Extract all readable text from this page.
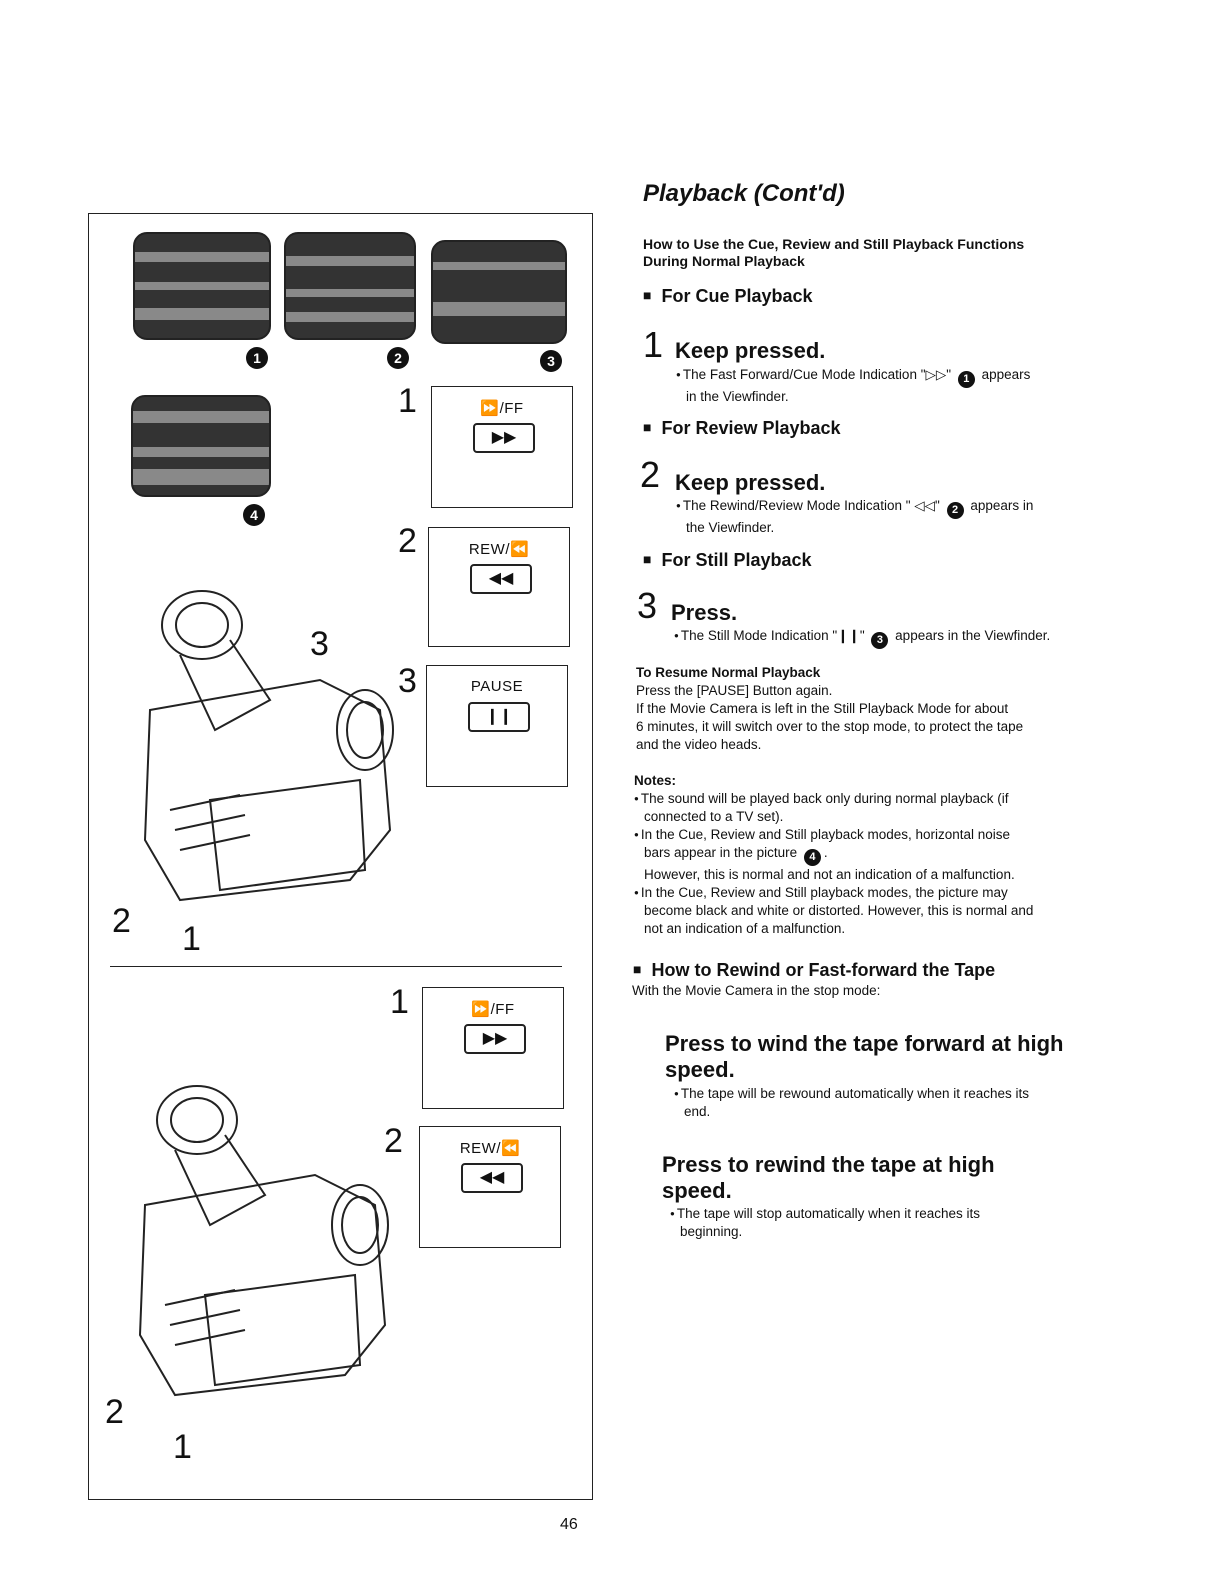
1	2	3
4
1	⏩/FF
▶▶
2	REW/⏪
◀◀
3	PAUSE
❙❙
3
2 1
1	⏩/FF
▶▶
2	REW/⏪
◀◀
2
1
Playback (Cont'd)
How to Use the Cue, Review and Still Playback Functions
During Normal Playback
■ For Cue Playback
1 Keep pressed.
● The Fast Forward/Cue Mode Indication "▷▷" 1 appears
in the Viewfinder.
■ For Review Playback
2 Keep pressed.
● The Rewind/Review Mode Indication " ◁◁" 2 appears in
the Viewfinder.
■ For Still Playback
3 Press.
● The Still Mode Indication "❙❙" 3 appears in the Viewfinder.
To Resume Normal Playback
Press the [PAUSE] Button again.
If the Movie Camera is left in the Still Playback Mode for about
6 minutes, it will switch over to the stop mode, to protect the tape
and the video heads.
Notes:
● The sound will be played back only during normal playback (if
connected to a TV set).
● In the Cue, Review and Still playback modes, horizontal noise
bars appear in the picture 4 .
However, this is normal and not an indication of a malfunction.
● In the Cue, Review and Still playback modes, the picture may
become black and white or distorted. However, this is normal and
not an indication of a malfunction.
■ How to Rewind or Fast-forward the Tape
With the Movie Camera in the stop mode:
Press to wind the tape forward at high
speed.
● The tape will be rewound automatically when it reaches its
end.
Press to rewind the tape at high
speed.
● The tape will stop automatically when it reaches its
beginning.
46
